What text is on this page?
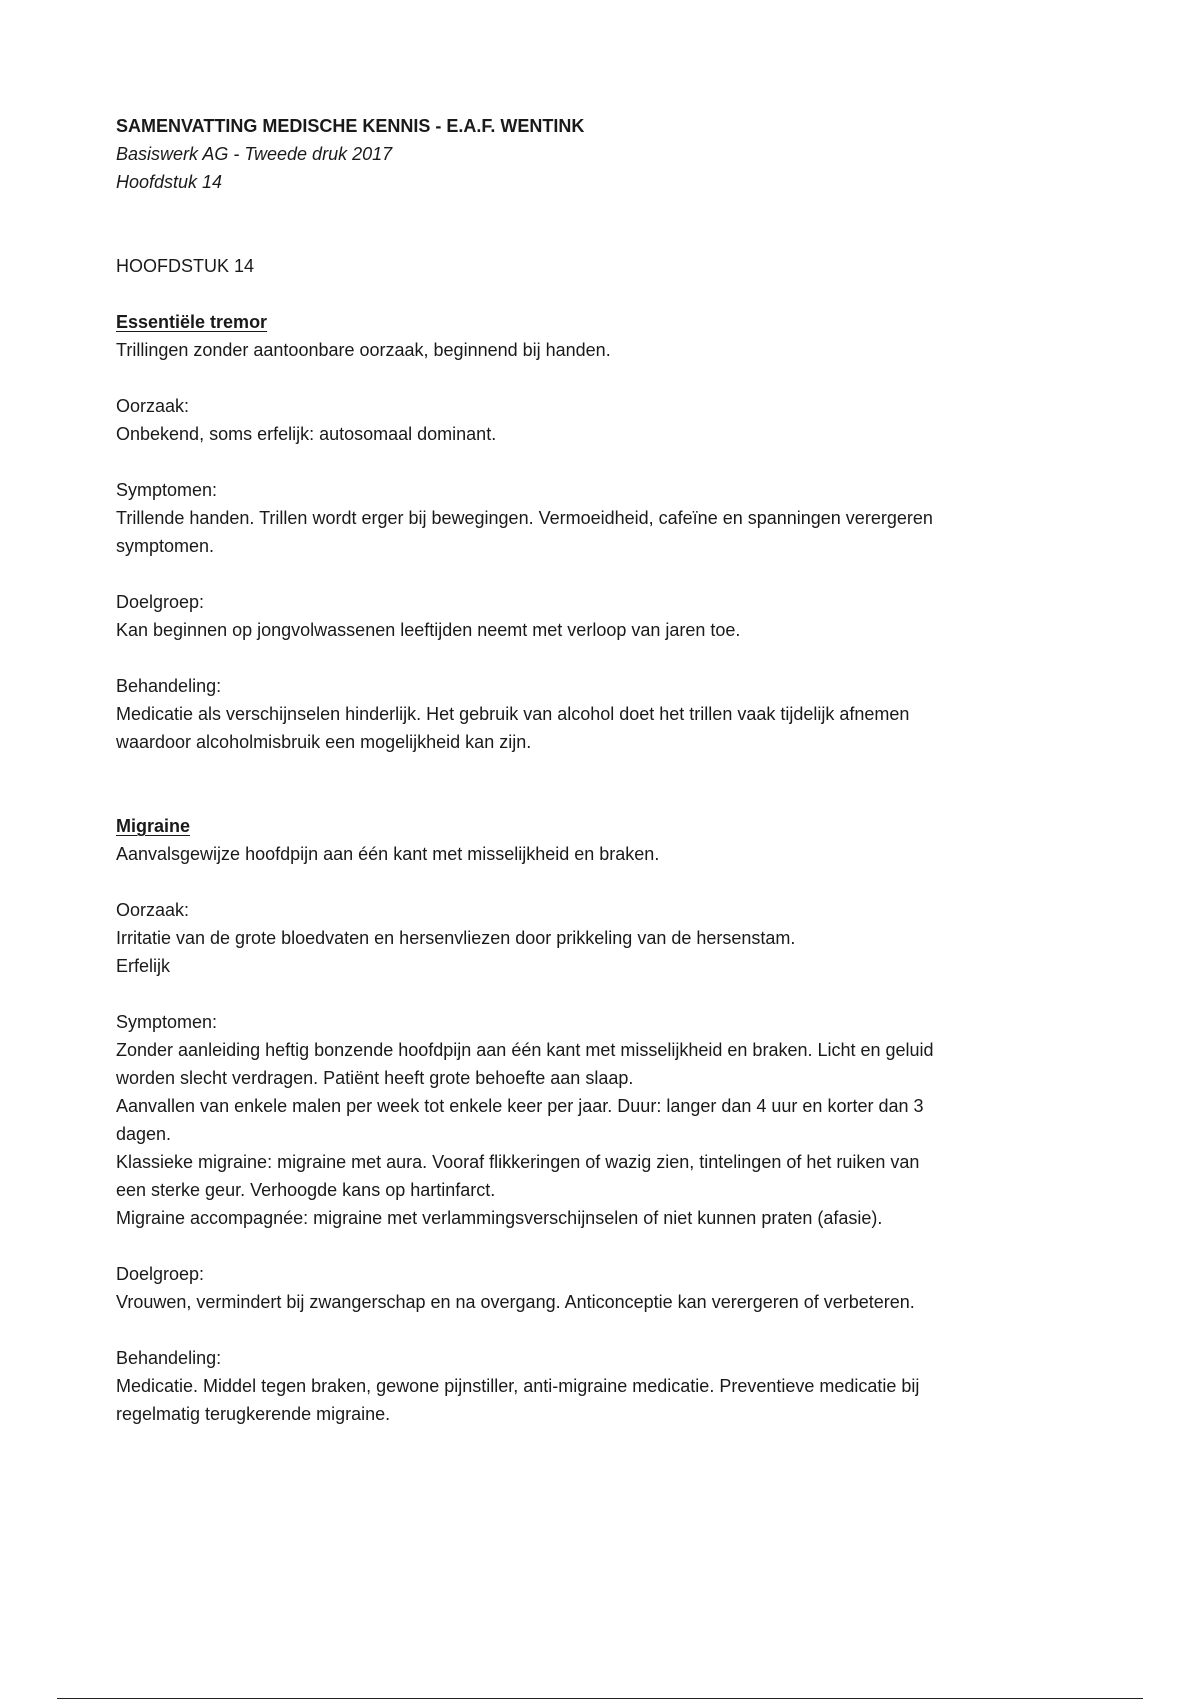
SAMENVATTING MEDISCHE KENNIS - E.A.F. WENTINK

Basiswerk AG - Tweede druk 2017

Hoofdstuk 14

HOOFDSTUK 14

Essentiële tremor

Trillingen zonder aantoonbare oorzaak, beginnend bij handen.

Oorzaak:

Onbekend, soms erfelijk: autosomaal dominant.

Symptomen:

Trillende handen. Trillen wordt erger bij bewegingen. Vermoeidheid, cafeïne en spanningen verergeren

symptomen.

Doelgroep:

Kan beginnen op jongvolwassenen leeftijden neemt met verloop van jaren toe.

Behandeling:

Medicatie als verschijnselen hinderlijk. Het gebruik van alcohol doet het trillen vaak tijdelijk afnemen

waardoor alcoholmisbruik een mogelijkheid kan zijn.

Migraine

Aanvalsgewijze hoofdpijn aan één kant met misselijkheid en braken.

Oorzaak:

Irritatie van de grote bloedvaten en hersenvliezen door prikkeling van de hersenstam.

Erfelijk

Symptomen:

Zonder aanleiding heftig bonzende hoofdpijn aan één kant met misselijkheid en braken. Licht en geluid

worden slecht verdragen. Patiënt heeft grote behoefte aan slaap.

Aanvallen van enkele malen per week tot enkele keer per jaar. Duur: langer dan 4 uur en korter dan 3

dagen.

Klassieke migraine: migraine met aura. Vooraf flikkeringen of wazig zien, tintelingen of het ruiken van

een sterke geur. Verhoogde kans op hartinfarct.

Migraine accompagnée: migraine met verlammingsverschijnselen of niet kunnen praten (afasie).

Doelgroep:

Vrouwen, vermindert bij zwangerschap en na overgang. Anticonceptie kan verergeren of verbeteren.

Behandeling:

Medicatie. Middel tegen braken, gewone pijnstiller, anti-migraine medicatie. Preventieve medicatie bij

regelmatig terugkerende migraine.
